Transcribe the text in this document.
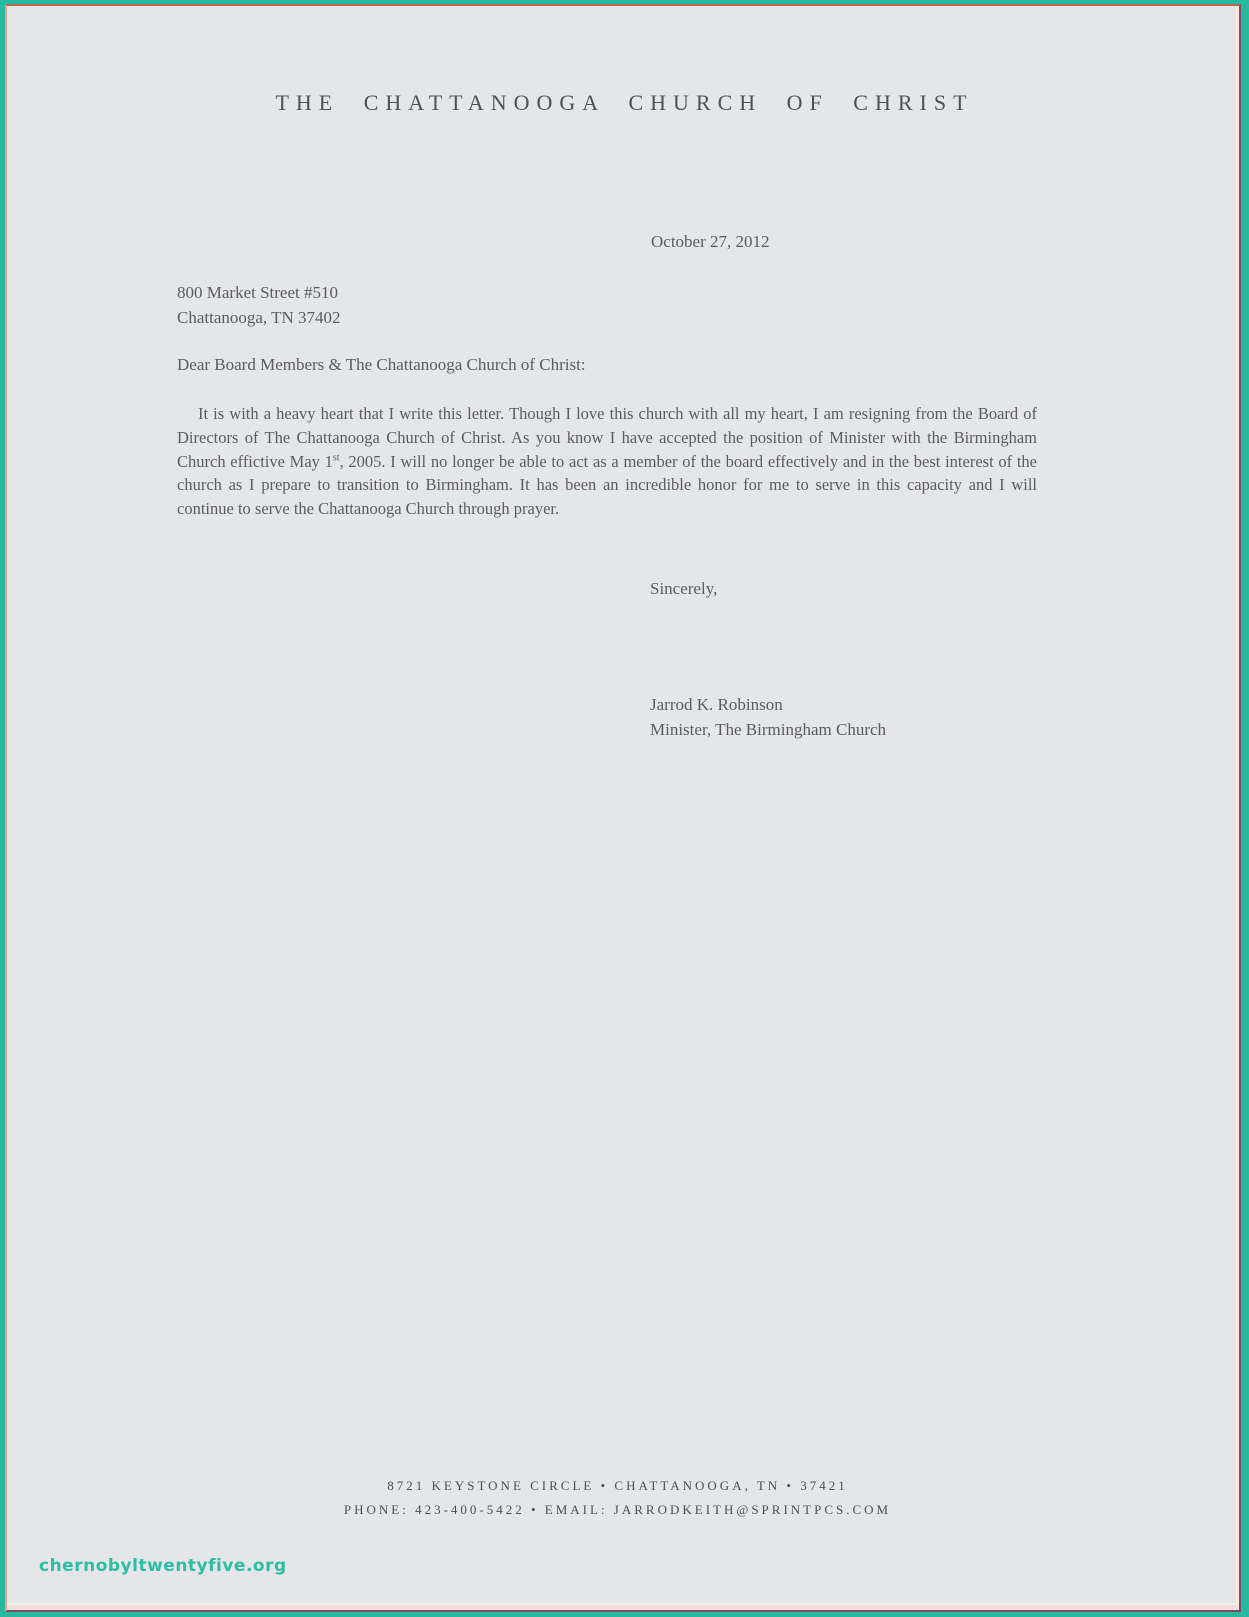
THE CHATTANOOGA CHURCH OF CHRIST
October 27, 2012
800 Market Street #510
Chattanooga, TN 37402
Dear Board Members & The Chattanooga Church of Christ:

It is with a heavy heart that I write this letter. Though I love this church with all my heart, I am resigning from the Board of Directors of The Chattanooga Church of Christ. As you know I have accepted the position of Minister with the Birmingham Church effictive May 1st, 2005. I will no longer be able to act as a member of the board effectively and in the best interest of the church as I prepare to transition to Birmingham. It has been an incredible honor for me to serve in this capacity and I will continue to serve the Chattanooga Church through prayer.

Sincerely,
Jarrod K. Robinson
Minister, The Birmingham Church
8721 KEYSTONE CIRCLE • CHATTANOOGA, TN • 37421
PHONE: 423-400-5422 • EMAIL: JARRODKEITH@SPRINTPCS.COM
chernobyltwentyfive.org
